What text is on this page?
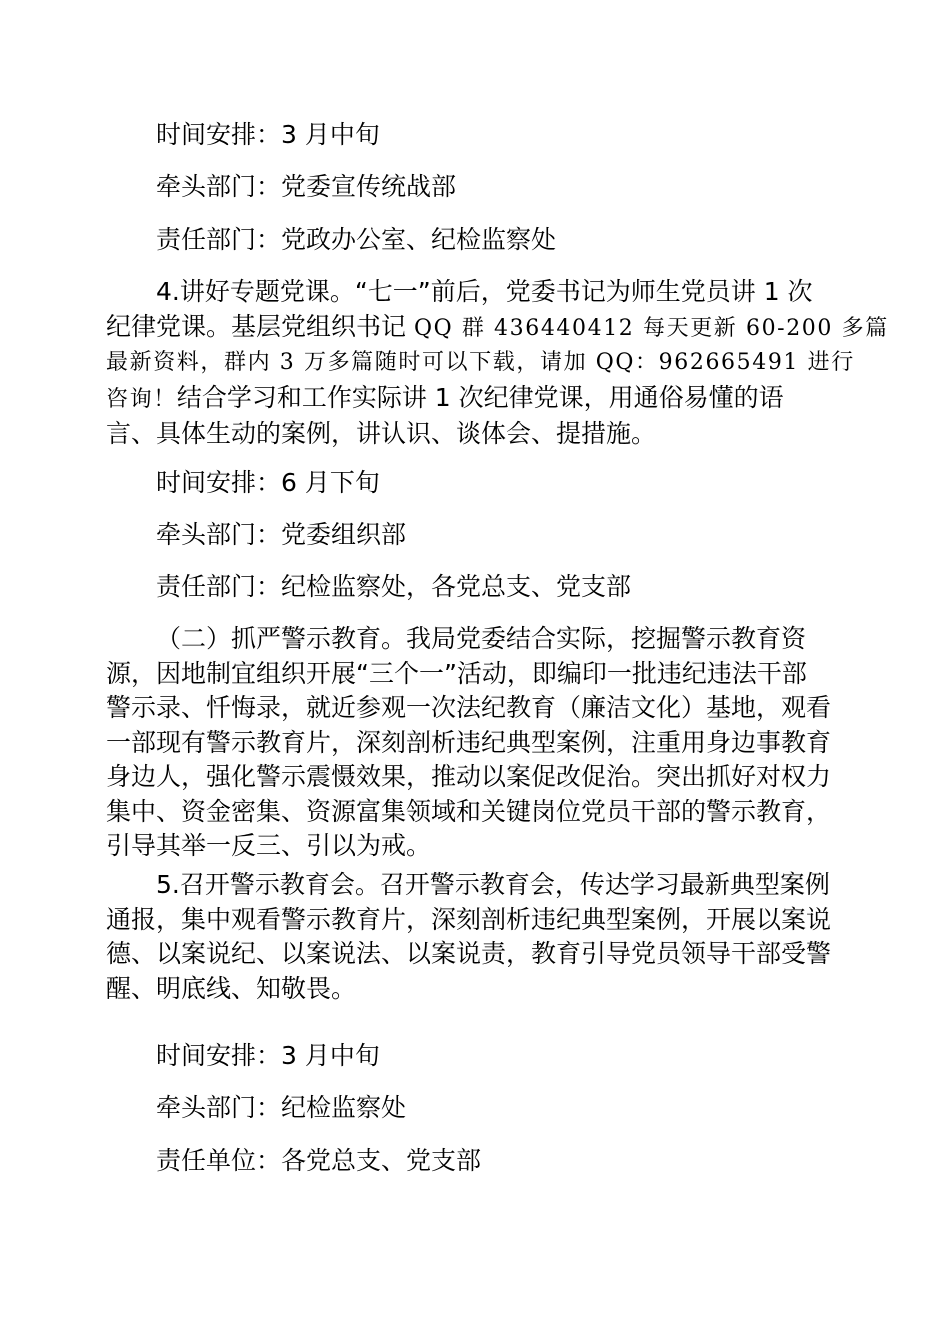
时间安排：3 月中旬

牵头部门：党委宣传统战部

责任部门：党政办公室、纪检监察处

4.讲好专题党课。“七一”前后，党委书记为师生党员讲 1 次
纪律党课。基层党组织书记 QQ 群 436440412 每天更新 60-200 多篇
最新资料，群内 3 万多篇随时可以下载，请加 QQ：962665491 进行
咨询！结合学习和工作实际讲 1 次纪律党课，用通俗易懂的语
言、具体生动的案例，讲认识、谈体会、提措施。

时间安排：6 月下旬

牵头部门：党委组织部

责任部门：纪检监察处，各党总支、党支部

（二）抓严警示教育。我局党委结合实际，挖掘警示教育资
源，因地制宜组织开展“三个一”活动，即编印一批违纪违法干部
警示录、忏悔录，就近参观一次法纪教育（廉洁文化）基地，观看
一部现有警示教育片，深刻剖析违纪典型案例，注重用身边事教育
身边人，强化警示震慑效果，推动以案促改促治。突出抓好对权力
集中、资金密集、资源富集领域和关键岗位党员干部的警示教育，
引导其举一反三、引以为戒。
5.召开警示教育会。召开警示教育会，传达学习最新典型案例
通报，集中观看警示教育片，深刻剖析违纪典型案例，开展以案说
德、以案说纪、以案说法、以案说责，教育引导党员领导干部受警
醒、明底线、知敬畏。

时间安排：3 月中旬

牵头部门：纪检监察处

责任单位：各党总支、党支部
